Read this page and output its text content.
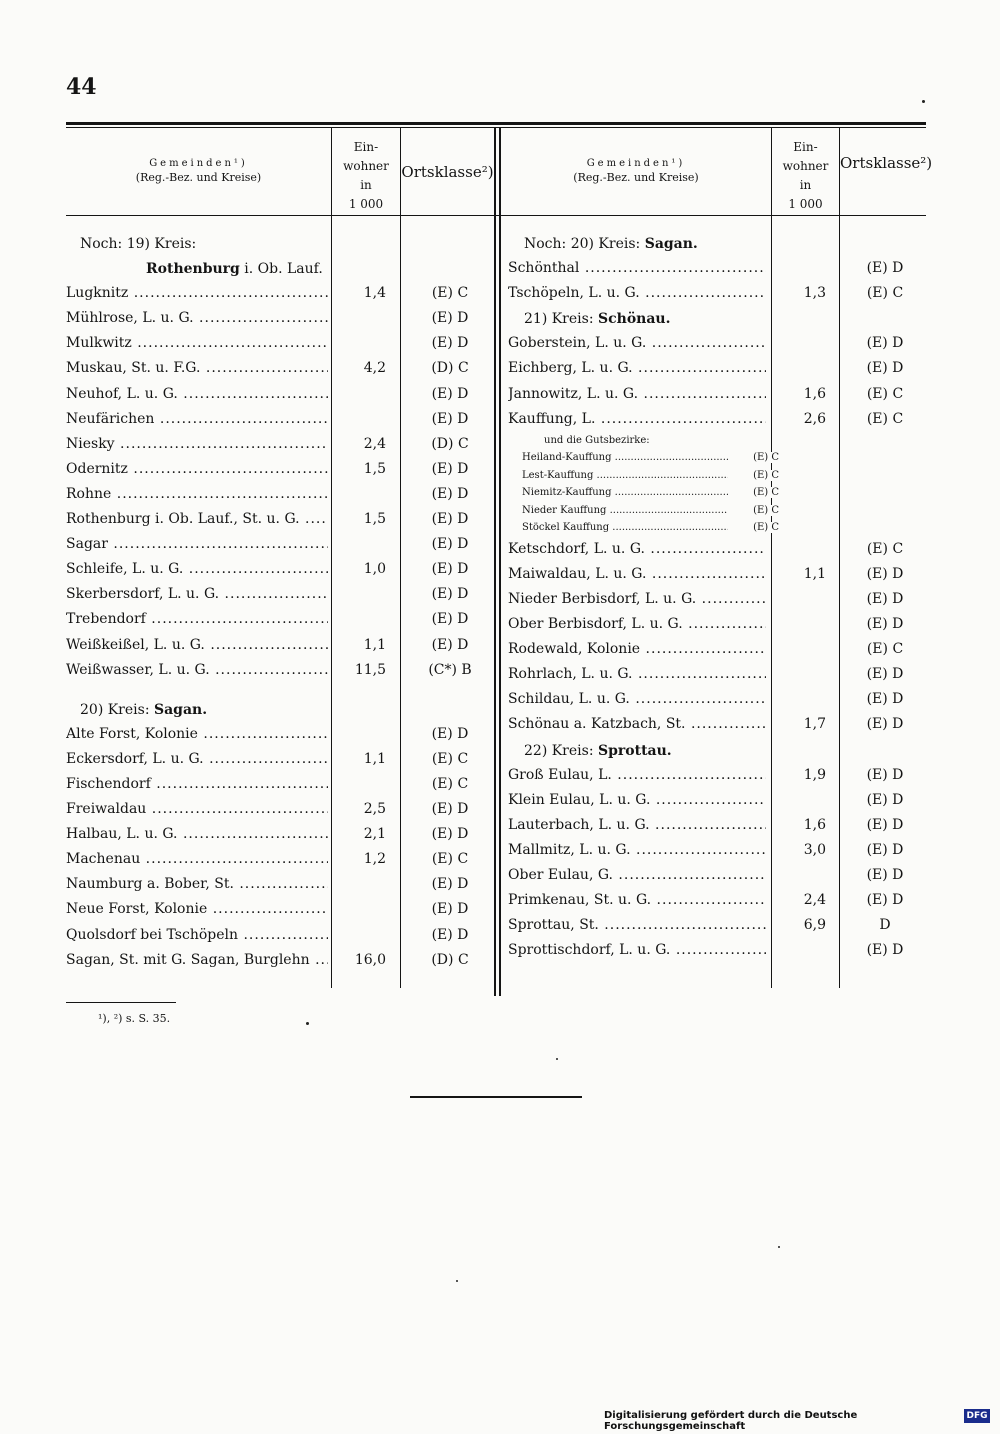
44
Gemeinden¹)
(Reg.-Bez. und Kreise)
Ein-
wohner
in
1 000
Ortsklasse²)	Gemeinden¹)
(Reg.-Bez. und Kreise)
Ein-
wohner
in
1 000
Ortsklasse²)
Noch: 19) Kreis:
Rothenburg i. Ob. Lauf.
Lugknitz .....	1,4	(E) C
Mühlrose, L. u. G. .....	(E) D
Mulkwitz .....	(E) D
Muskau, St. u. F.G. .....	4,2	(D) C
Neuhof, L. u. G. .....	(E) D
Neufärichen .....	(E) D
Niesky .....	2,4	(D) C
Odernitz .....	1,5	(E) D
Rohne .....	(E) D
Rothenburg i. Ob. Lauf., St. u. G. .....	1,5	(E) D
Sagar .....	(E) D
Schleife, L. u. G. .....	1,0	(E) D
Skerbersdorf, L. u. G. .....	(E) D
Trebendorf .....	(E) D
Weißkeißel, L. u. G. .....	1,1	(E) D
Weißwasser, L. u. G. .....	11,5	(C*) B
20) Kreis: Sagan.
Alte Forst, Kolonie .....	(E) D
Eckersdorf, L. u. G. .....	1,1	(E) C
Fischendorf .....	(E) C
Freiwaldau .....	2,5	(E) D
Halbau, L. u. G. .....	2,1	(E) D
Machenau .....	1,2	(E) C
Naumburg a. Bober, St. .....	(E) D
Neue Forst, Kolonie .....	(E) D
Quolsdorf bei Tschöpeln .....	(E) D
Sagan, St. mit G. Sagan, Burglehn .....	16,0	(D) C
Noch: 20) Kreis: Sagan.
Schönthal .....	(E) D
Tschöpeln, L. u. G. .....	1,3	(E) C
21) Kreis: Schönau.
Goberstein, L. u. G. .....	(E) D
Eichberg, L. u. G. .....	(E) D
Jannowitz, L. u. G. .....	1,6	(E) C
Kauffung, L. .....	2,6	(E) C
und die Gutsbezirke:
Heiland-Kauffung .....	(E) C
Lest-Kauffung .....	(E) C
Niemitz-Kauffung .....	(E) C
Nieder Kauffung .....	(E) C
Stöckel Kauffung .....	(E) C
Ketschdorf, L. u. G. .....	(E) C
Maiwaldau, L. u. G. .....	1,1	(E) D
Nieder Berbisdorf, L. u. G. .....	(E) D
Ober Berbisdorf, L. u. G. .....	(E) D
Rodewald, Kolonie .....	(E) C
Rohrlach, L. u. G. .....	(E) D
Schildau, L. u. G. .....	(E) D
Schönau a. Katzbach, St. .....	1,7	(E) D
22) Kreis: Sprottau.
Groß Eulau, L. .....	1,9	(E) D
Klein Eulau, L. u. G. .....	(E) D
Lauterbach, L. u. G. .....	1,6	(E) D
Mallmitz, L. u. G. .....	3,0	(E) D
Ober Eulau, G. .....	(E) D
Primkenau, St. u. G. .....	2,4	(E) D
Sprottau, St. .....	6,9	D
Sprottischdorf, L. u. G. .....	(E) D
¹), ²) s. S. 35.
Digitalisierung gefördert durch die Deutsche Forschungsgemeinschaft
DFG
